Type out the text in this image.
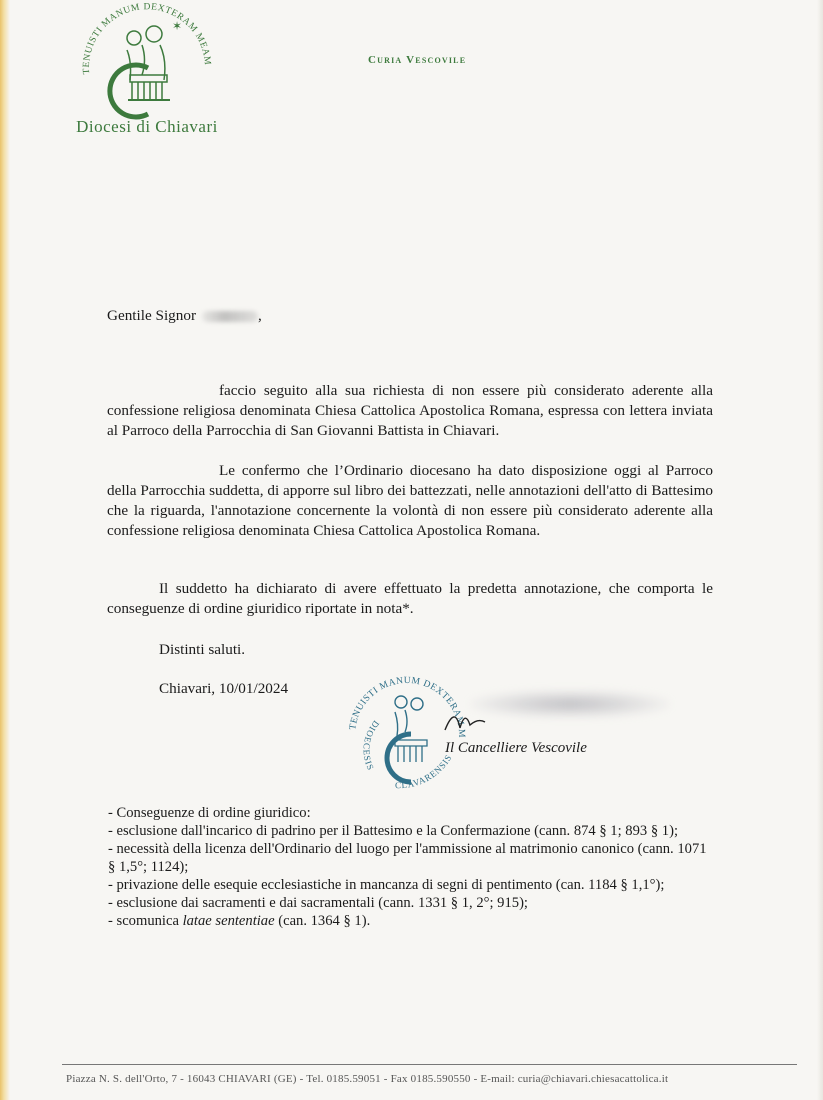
TENUISTI MANUM DEXTERAM MEAM
✶
Diocesi di Chiavari
Curia Vescovile
Gentile Signor	,

faccio seguito alla sua richiesta di non essere più considerato aderente alla confessione religiosa denominata Chiesa Cattolica Apostolica Romana, espressa con lettera inviata al Parroco della Parrocchia di San Giovanni Battista in Chiavari.

Le confermo che l’Ordinario diocesano ha dato disposizione oggi al Parroco della Parrocchia suddetta, di apporre sul libro dei battezzati, nelle annotazioni dell'atto di Battesimo che la riguarda, l'annotazione concernente la volontà di non essere più considerato aderente alla confessione religiosa denominata Chiesa Cattolica Apostolica Romana.

Il suddetto ha dichiarato di avere effettuato la predetta annotazione, che comporta le conseguenze di ordine giuridico riportate in nota*.

Distinti saluti.
Chiavari, 10/01/2024
TENUISTI MANUM DEXTERAM M
DIOECESIS
CLAVARENSIS
Il Cancelliere Vescovile
- Conseguenze di ordine giuridico:
- esclusione dall'incarico di padrino per il Battesimo e la Confermazione (cann. 874 § 1; 893 § 1);
- necessità della licenza dell'Ordinario del luogo per l'ammissione al matrimonio canonico (cann. 1071 § 1,5°; 1124);
- privazione delle esequie ecclesiastiche in mancanza di segni di pentimento (can. 1184 § 1,1°);
- esclusione dai sacramenti e dai sacramentali (cann. 1331 § 1, 2°; 915);
- scomunica latae sententiae (can. 1364 § 1).
Piazza N. S. dell'Orto, 7 - 16043 CHIAVARI (GE) - Tel. 0185.59051 - Fax 0185.590550 - E-mail: curia@chiavari.chiesacattolica.it
